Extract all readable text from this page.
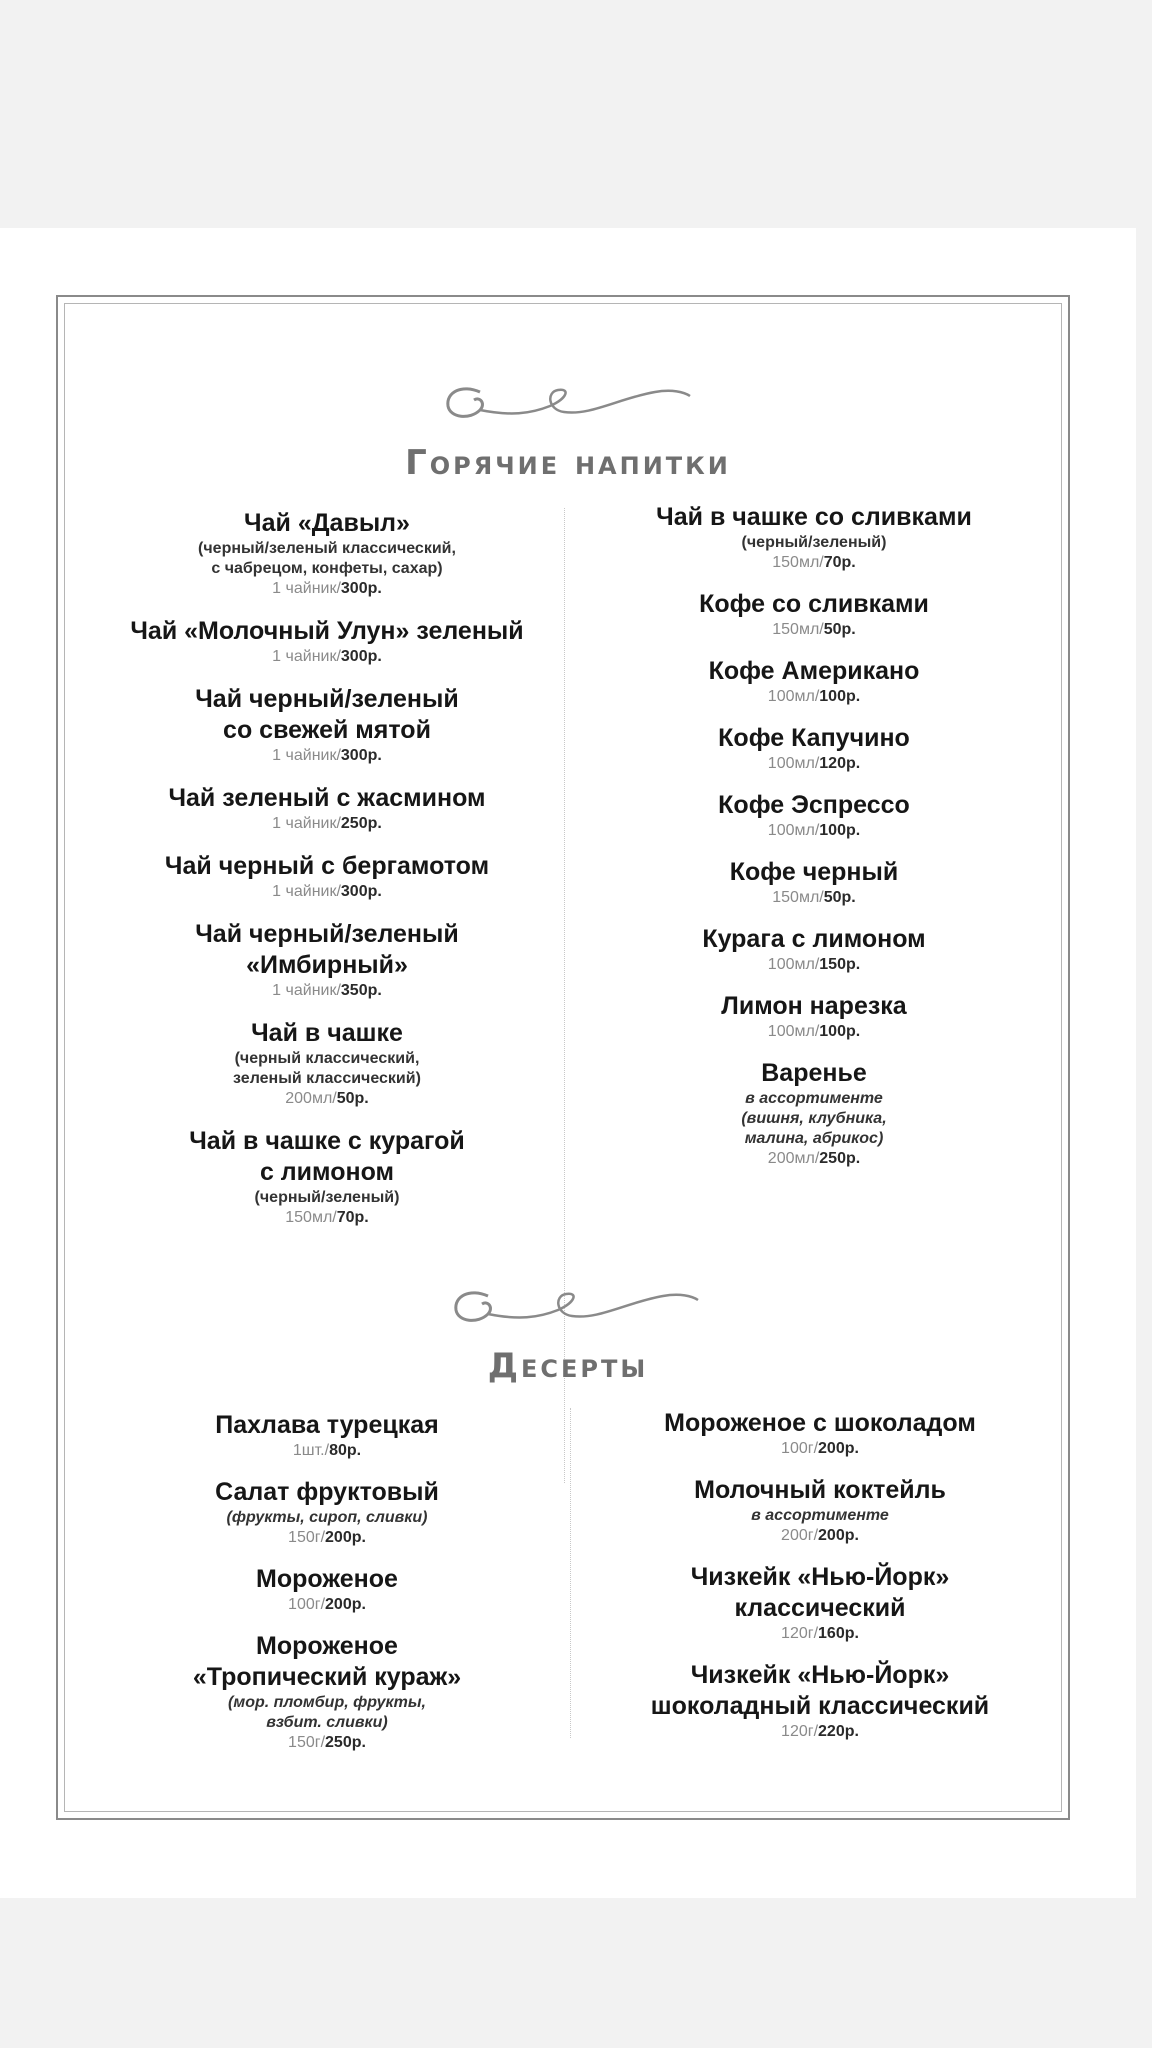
Горячие напитки
Чай «Давыл»
(черный/зеленый классический,
с чабрецом, конфеты, сахар)
1 чайник/300р.
Чай «Молочный Улун» зеленый
1 чайник/300р.
Чай черный/зеленый
со свежей мятой
1 чайник/300р.
Чай зеленый с жасмином
1 чайник/250р.
Чай черный с бергамотом
1 чайник/300р.
Чай черный/зеленый
«Имбирный»
1 чайник/350р.
Чай в чашке
(черный классический,
зеленый классический)
200мл/50р.
Чай в чашке с курагой
с лимоном
(черный/зеленый)
150мл/70р.
Чай в чашке со сливками
(черный/зеленый)
150мл/70р.
Кофе со сливками
150мл/50р.
Кофе Американо
100мл/100р.
Кофе Капучино
100мл/120р.
Кофе Эспрессо
100мл/100р.
Кофе черный
150мл/50р.
Курага с лимоном
100мл/150р.
Лимон нарезка
100мл/100р.
Варенье
в ассортименте
(вишня, клубника,
малина, абрикос)
200мл/250р.
Десерты
Пахлава турецкая
1шт./80р.
Салат фруктовый
(фрукты, сироп, сливки)
150г/200р.
Мороженое
100г/200р.
Мороженое
«Тропический кураж»
(мор. пломбир, фрукты,
взбит. сливки)
150г/250р.
Мороженое с шоколадом
100г/200р.
Молочный коктейль
в ассортименте
200г/200р.
Чизкейк «Нью-Йорк»
классический
120г/160р.
Чизкейк «Нью-Йорк»
шоколадный классический
120г/220р.
